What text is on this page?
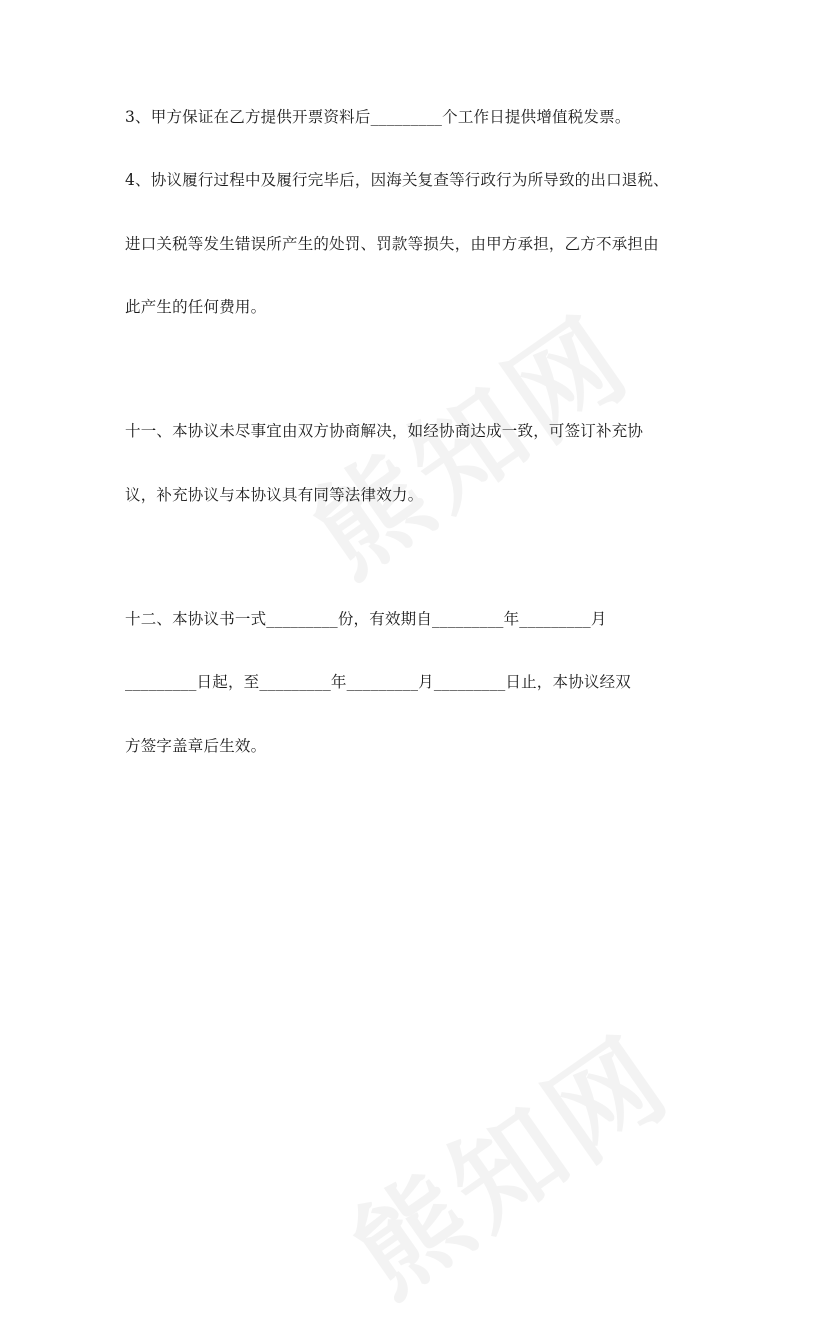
3、甲方保证在乙方提供开票资料后_________个工作日提供增值税发票。
4、协议履行过程中及履行完毕后，因海关复查等行政行为所导致的出口退税、
进口关税等发生错误所产生的处罚、罚款等损失，由甲方承担，乙方不承担由
此产生的任何费用。
十一、本协议未尽事宜由双方协商解决，如经协商达成一致，可签订补充协
议，补充协议与本协议具有同等法律效力。
十二、本协议书一式_________份，有效期自_________年_________月
_________日起，至_________年_________月_________日止，本协议经双
方签字盖章后生效。
